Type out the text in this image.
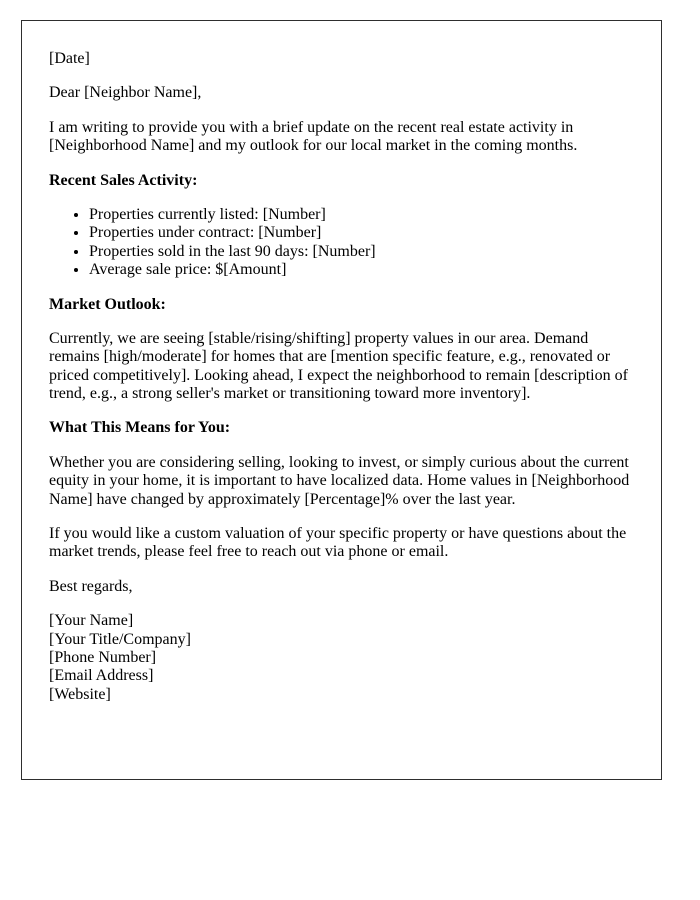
[Date]

Dear [Neighbor Name],

I am writing to provide you with a brief update on the recent real estate activity in [Neighborhood Name] and my outlook for our local market in the coming months.

Recent Sales Activity:

• Properties currently listed: [Number]
• Properties under contract: [Number]
• Properties sold in the last 90 days: [Number]
• Average sale price: $[Amount]

Market Outlook:

Currently, we are seeing [stable/rising/shifting] property values in our area. Demand remains [high/moderate] for homes that are [mention specific feature, e.g., renovated or priced competitively]. Looking ahead, I expect the neighborhood to remain [description of trend, e.g., a strong seller's market or transitioning toward more inventory].

What This Means for You:

Whether you are considering selling, looking to invest, or simply curious about the current equity in your home, it is important to have localized data. Home values in [Neighborhood Name] have changed by approximately [Percentage]% over the last year.

If you would like a custom valuation of your specific property or have questions about the market trends, please feel free to reach out via phone or email.

Best regards,

[Your Name]
[Your Title/Company]
[Phone Number]
[Email Address]
[Website]
